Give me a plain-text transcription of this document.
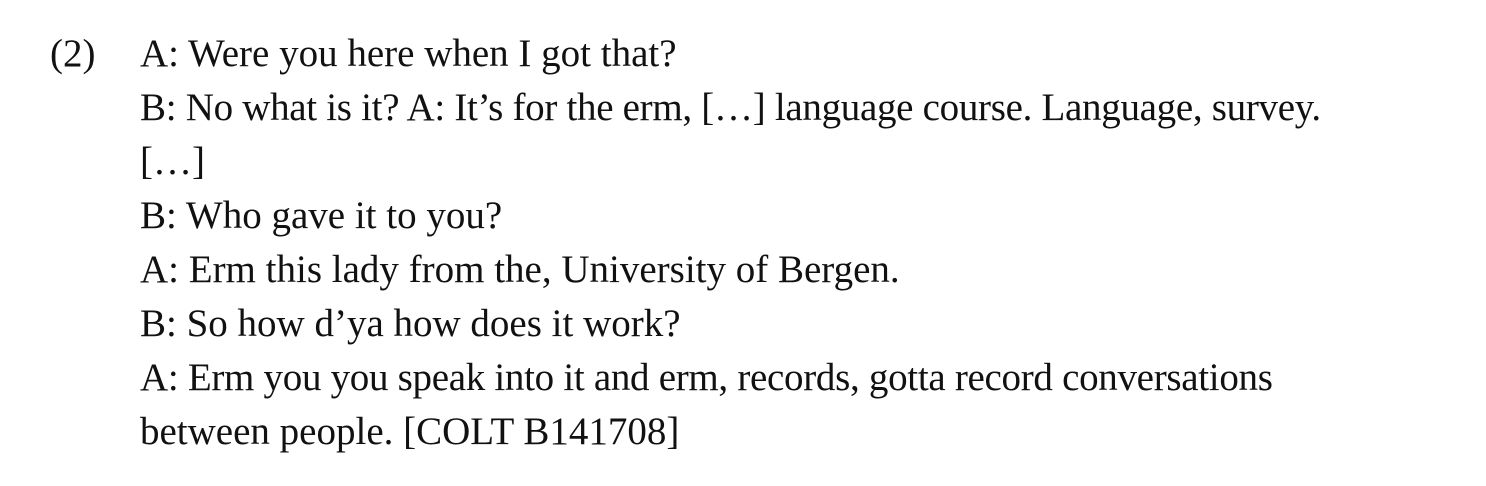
(2) A: Were you here when I got that?
B: No what is it? A: It’s for the erm, […] language course. Language, survey.
[…]
B: Who gave it to you?
A: Erm this lady from the, University of Bergen.
B: So how d’ya how does it work?
A: Erm you you speak into it and erm, records, gotta record conversations
between people. [COLT B141708]
